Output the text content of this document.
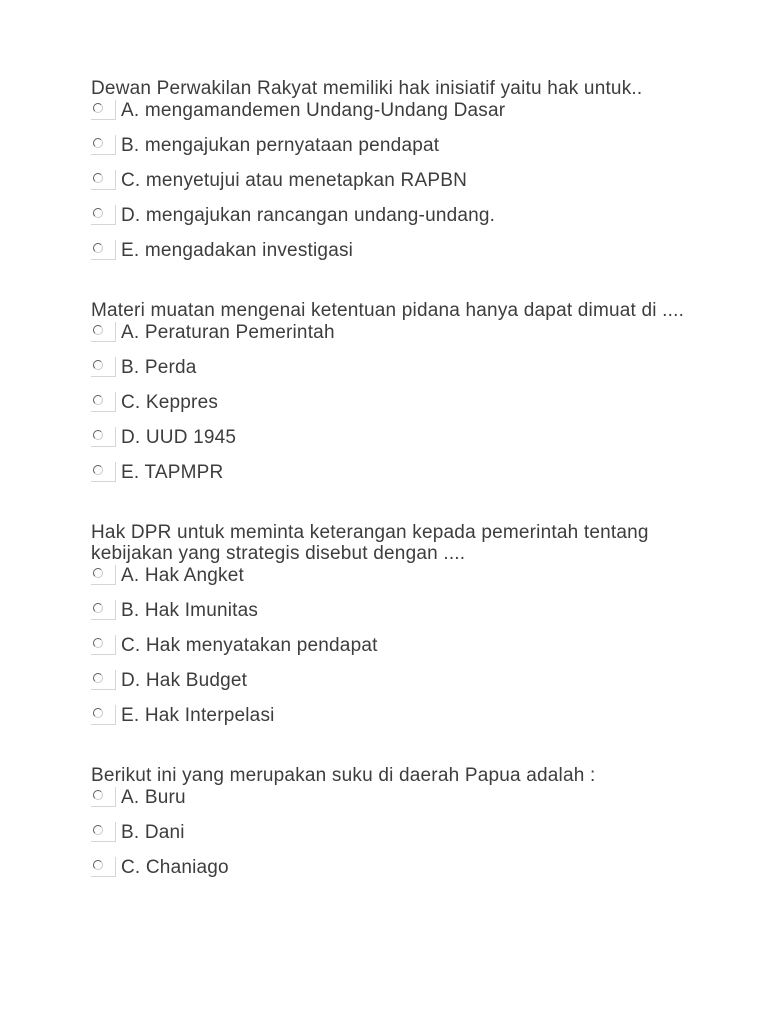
Dewan Perwakilan Rakyat memiliki hak inisiatif yaitu hak untuk..

A. mengamandemen Undang-Undang Dasar
B. mengajukan pernyataan pendapat
C. menyetujui atau menetapkan RAPBN
D. mengajukan rancangan undang-undang.
E. mengadakan investigasi

Materi muatan mengenai ketentuan pidana hanya dapat dimuat di ....

A. Peraturan Pemerintah
B. Perda
C. Keppres
D. UUD 1945
E. TAPMPR

Hak DPR untuk meminta keterangan kepada pemerintah tentang kebijakan yang strategis disebut dengan ....

A. Hak Angket
B. Hak Imunitas
C. Hak menyatakan pendapat
D. Hak Budget
E. Hak Interpelasi

Berikut ini yang merupakan suku di daerah Papua adalah :

A. Buru
B. Dani
C. Chaniago
